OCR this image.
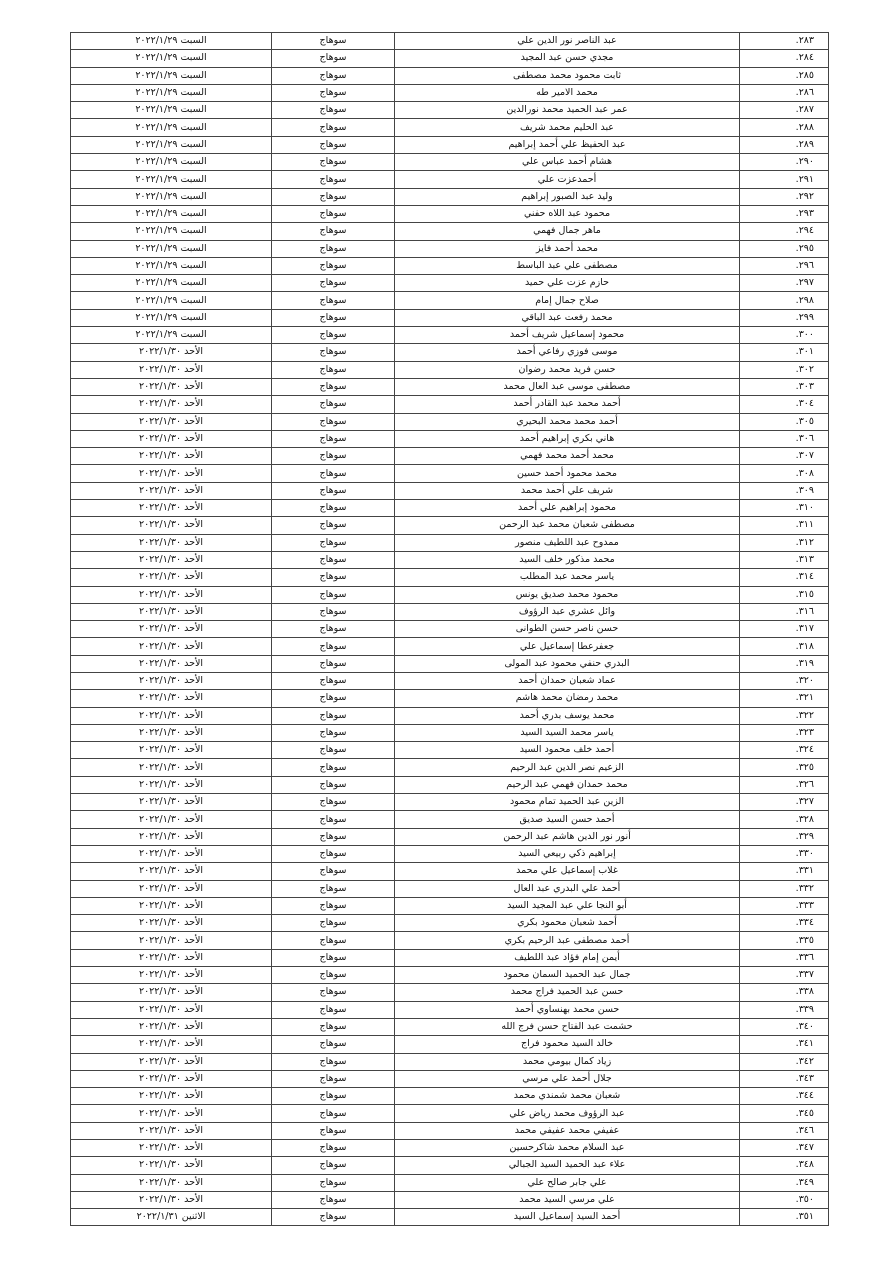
السبت ٢٠٢٢/١/٢٩	سوهاج	عبد الناصر نور الدين علي	٢٨٣.
السبت ٢٠٢٢/١/٢٩	سوهاج	مجدي حسن عبد المجيد	٢٨٤.
السبت ٢٠٢٢/١/٢٩	سوهاج	ثابت محمود محمد مصطفى	٢٨٥.
السبت ٢٠٢٢/١/٢٩	سوهاج	محمد الامير طه	٢٨٦.
السبت ٢٠٢٢/١/٢٩	سوهاج	عمر عبد الحميد محمد نورالدين	٢٨٧.
السبت ٢٠٢٢/١/٢٩	سوهاج	عبد الحليم محمد شريف	٢٨٨.
السبت ٢٠٢٢/١/٢٩	سوهاج	عبد الحفيظ علي أحمد إبراهيم	٢٨٩.
السبت ٢٠٢٢/١/٢٩	سوهاج	هشام أحمد عباس علي	٢٩٠.
السبت ٢٠٢٢/١/٢٩	سوهاج	أحمدعزت علي	٢٩١.
السبت ٢٠٢٢/١/٢٩	سوهاج	وليد عبد الصبور إبراهيم	٢٩٢.
السبت ٢٠٢٢/١/٢٩	سوهاج	محمود عبد اللاه حفني	٢٩٣.
السبت ٢٠٢٢/١/٢٩	سوهاج	ماهر جمال فهمي	٢٩٤.
السبت ٢٠٢٢/١/٢٩	سوهاج	محمد أحمد فايز	٢٩٥.
السبت ٢٠٢٢/١/٢٩	سوهاج	مصطفى علي عبد الباسط	٢٩٦.
السبت ٢٠٢٢/١/٢٩	سوهاج	حازم عزت علي حميد	٢٩٧.
السبت ٢٠٢٢/١/٢٩	سوهاج	صلاح جمال إمام	٢٩٨.
السبت ٢٠٢٢/١/٢٩	سوهاج	محمد رفعت عبد الباقي	٢٩٩.
السبت ٢٠٢٢/١/٢٩	سوهاج	محمود إسماعيل شريف أحمد	٣٠٠.
الأحد ٢٠٢٢/١/٣٠	سوهاج	موسى فوزي رفاعي أحمد	٣٠١.
الأحد ٢٠٢٢/١/٣٠	سوهاج	حسن فريد محمد رضوان	٣٠٢.
الأحد ٢٠٢٢/١/٣٠	سوهاج	مصطفى موسى عبد العال محمد	٣٠٣.
الأحد ٢٠٢٢/١/٣٠	سوهاج	أحمد محمد عبد القادر أحمد	٣٠٤.
الأحد ٢٠٢٢/١/٣٠	سوهاج	أحمد محمد محمد البحيري	٣٠٥.
الأحد ٢٠٢٢/١/٣٠	سوهاج	هاني بكري إبراهيم أحمد	٣٠٦.
الأحد ٢٠٢٢/١/٣٠	سوهاج	محمد أحمد محمد فهمي	٣٠٧.
الأحد ٢٠٢٢/١/٣٠	سوهاج	محمد محمود أحمد حسين	٣٠٨.
الأحد ٢٠٢٢/١/٣٠	سوهاج	شريف علي أحمد محمد	٣٠٩.
الأحد ٢٠٢٢/١/٣٠	سوهاج	محمود إبراهيم علي أحمد	٣١٠.
الأحد ٢٠٢٢/١/٣٠	سوهاج	مصطفى شعبان محمد عبد الرحمن	٣١١.
الأحد ٢٠٢٢/١/٣٠	سوهاج	ممدوح عبد اللطيف منصور	٣١٢.
الأحد ٢٠٢٢/١/٣٠	سوهاج	محمد مذكور خلف السيد	٣١٣.
الأحد ٢٠٢٢/١/٣٠	سوهاج	ياسر محمد عبد المطلب	٣١٤.
الأحد ٢٠٢٢/١/٣٠	سوهاج	محمود محمد صديق يونس	٣١٥.
الأحد ٢٠٢٢/١/٣٠	سوهاج	وائل عشري عبد الرؤوف	٣١٦.
الأحد ٢٠٢٢/١/٣٠	سوهاج	حسن ناصر حسن الطوانى	٣١٧.
الأحد ٢٠٢٢/١/٣٠	سوهاج	جعفرعطا إسماعيل علي	٣١٨.
الأحد ٢٠٢٢/١/٣٠	سوهاج	البدري حنفي محمود عبد المولى	٣١٩.
الأحد ٢٠٢٢/١/٣٠	سوهاج	عماد شعبان حمدان أحمد	٣٢٠.
الأحد ٢٠٢٢/١/٣٠	سوهاج	محمد رمضان محمد هاشم	٣٢١.
الأحد ٢٠٢٢/١/٣٠	سوهاج	محمد يوسف بدري أحمد	٣٢٢.
الأحد ٢٠٢٢/١/٣٠	سوهاج	ياسر محمد السيد السيد	٣٢٣.
الأحد ٢٠٢٢/١/٣٠	سوهاج	أحمد خلف محمود السيد	٣٢٤.
الأحد ٢٠٢٢/١/٣٠	سوهاج	الزعيم نصر الدين عبد الرحيم	٣٢٥.
الأحد ٢٠٢٢/١/٣٠	سوهاج	محمد حمدان فهمي عبد الرحيم	٣٢٦.
الأحد ٢٠٢٢/١/٣٠	سوهاج	الزين عبد الحميد تمام محمود	٣٢٧.
الأحد ٢٠٢٢/١/٣٠	سوهاج	أحمد حسن السيد صديق	٣٢٨.
الأحد ٢٠٢٢/١/٣٠	سوهاج	أنور نور الدين هاشم عبد الرحمن	٣٢٩.
الأحد ٢٠٢٢/١/٣٠	سوهاج	إبراهيم ذكي ربيعي السيد	٣٣٠.
الأحد ٢٠٢٢/١/٣٠	سوهاج	غلاب إسماعيل علي محمد	٣٣١.
الأحد ٢٠٢٢/١/٣٠	سوهاج	أحمد علي البدري عبد العال	٣٣٢.
الأحد ٢٠٢٢/١/٣٠	سوهاج	أبو النجا علي عبد المجيد السيد	٣٣٣.
الأحد ٢٠٢٢/١/٣٠	سوهاج	أحمد شعبان محمود بكري	٣٣٤.
الأحد ٢٠٢٢/١/٣٠	سوهاج	أحمد مصطفى عبد الرحيم بكري	٣٣٥.
الأحد ٢٠٢٢/١/٣٠	سوهاج	أيمن إمام فؤاد عبد اللطيف	٣٣٦.
الأحد ٢٠٢٢/١/٣٠	سوهاج	جمال عبد الحميد السمان محمود	٣٣٧.
الأحد ٢٠٢٢/١/٣٠	سوهاج	حسن عبد الحميد فراج محمد	٣٣٨.
الأحد ٢٠٢٢/١/٣٠	سوهاج	حسن محمد بهنساوي أحمد	٣٣٩.
الأحد ٢٠٢٢/١/٣٠	سوهاج	حشمت عبد الفتاح حسن فرج الله	٣٤٠.
الأحد ٢٠٢٢/١/٣٠	سوهاج	خالد السيد محمود فراج	٣٤١.
الأحد ٢٠٢٢/١/٣٠	سوهاج	زياد كمال بيومي محمد	٣٤٢.
الأحد ٢٠٢٢/١/٣٠	سوهاج	جلال أحمد علي مرسي	٣٤٣.
الأحد ٢٠٢٢/١/٣٠	سوهاج	شعبان محمد شمندي محمد	٣٤٤.
الأحد ٢٠٢٢/١/٣٠	سوهاج	عبد الرؤوف محمد رياض علي	٣٤٥.
الأحد ٢٠٢٢/١/٣٠	سوهاج	عفيفي محمد عفيفي محمد	٣٤٦.
الأحد ٢٠٢٢/١/٣٠	سوهاج	عبد السلام محمد شاكرحسين	٣٤٧.
الأحد ٢٠٢٢/١/٣٠	سوهاج	علاء عبد الحميد السيد الجبالي	٣٤٨.
الأحد ٢٠٢٢/١/٣٠	سوهاج	علي جابر صالح علي	٣٤٩.
الأحد ٢٠٢٢/١/٣٠	سوهاج	علي مرسي السيد محمد	٣٥٠.
الاثنين ٢٠٢٢/١/٣١	سوهاج	أحمد السيد إسماعيل السيد	٣٥١.
